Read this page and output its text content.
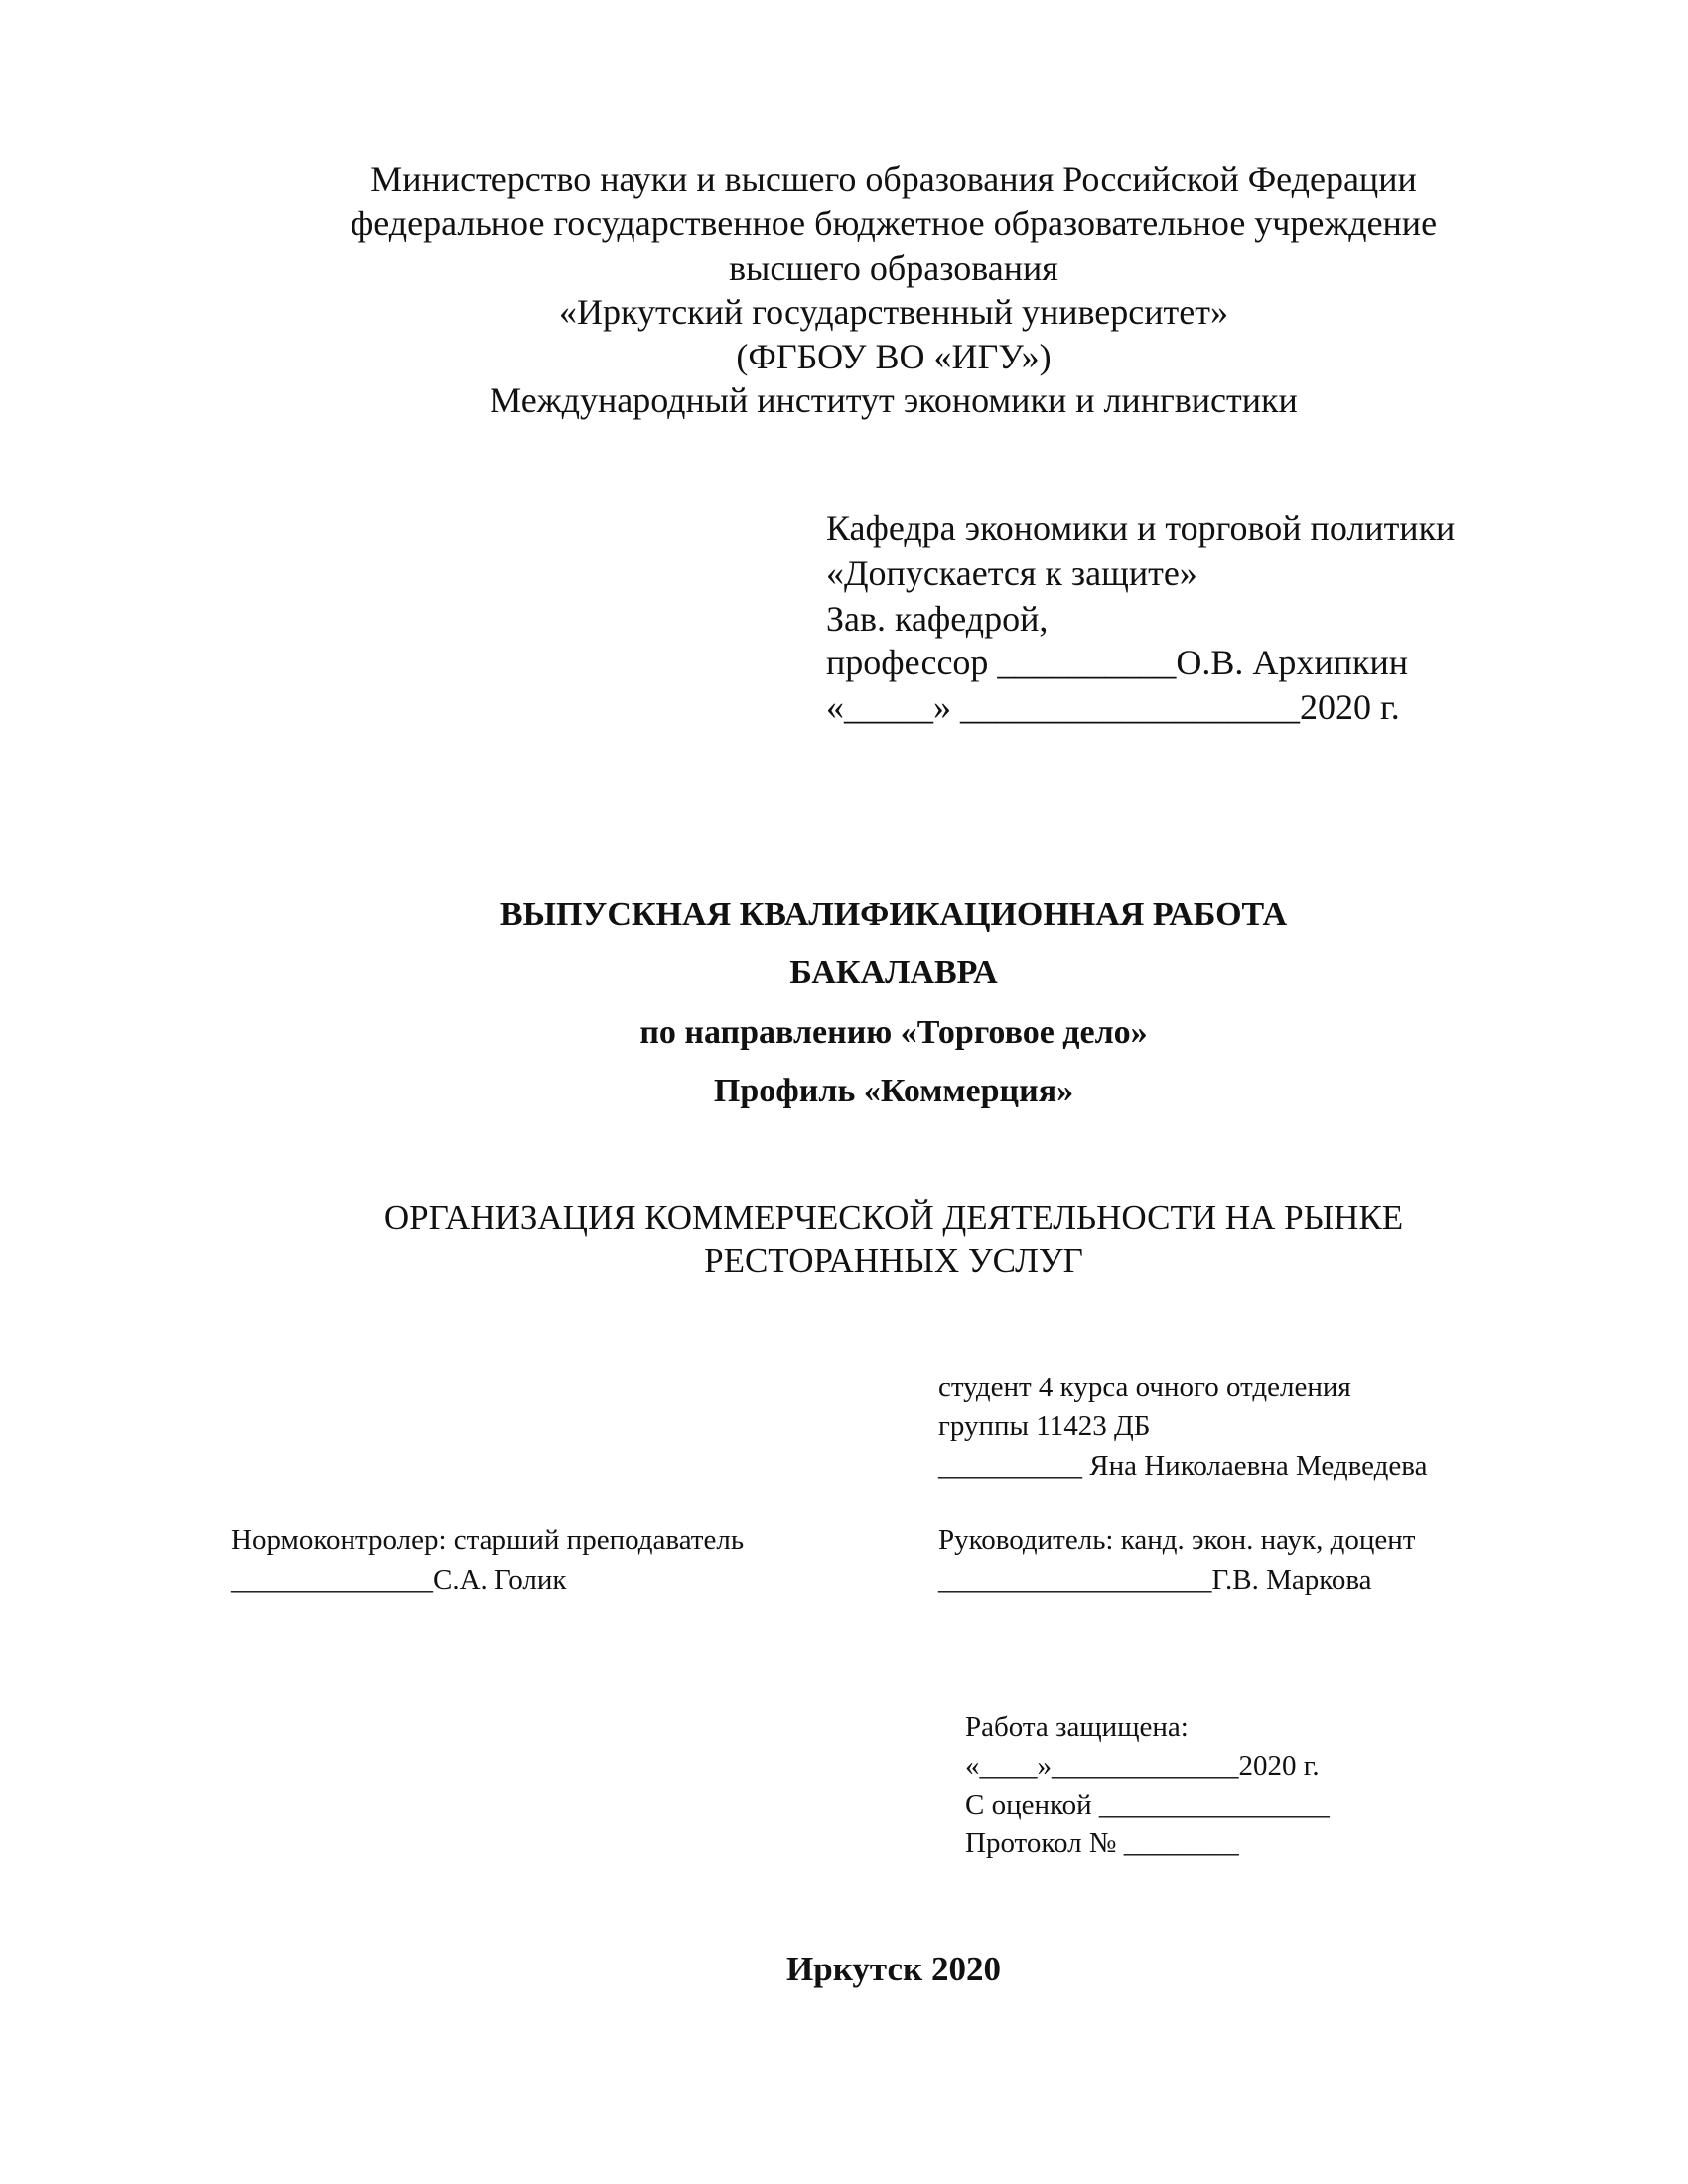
Министерство науки и высшего образования Российской Федерации

федеральное государственное бюджетное образовательное учреждение

высшего образования

«Иркутский государственный университет»

(ФГБОУ ВО «ИГУ»)

Международный институт экономики и лингвистики

Кафедра экономики и торговой политики

«Допускается к защите»

Зав. кафедрой,

профессор __________О.В. Архипкин

«_____» ___________________2020 г.

ВЫПУСКНАЯ КВАЛИФИКАЦИОННАЯ РАБОТА

БАКАЛАВРА

по направлению «Торговое дело»

Профиль «Коммерция»

ОРГАНИЗАЦИЯ КОММЕРЧЕСКОЙ ДЕЯТЕЛЬНОСТИ НА РЫНКЕ

РЕСТОРАННЫХ УСЛУГ

студент 4 курса очного отделения

группы 11423 ДБ

__________ Яна Николаевна Медведева

Нормоконтролер: старший преподаватель

______________С.А. Голик

Руководитель: канд. экон. наук, доцент

___________________Г.В. Маркова

Работа защищена:

«____»_____________2020 г.

С оценкой ________________

Протокол № ________

Иркутск 2020
